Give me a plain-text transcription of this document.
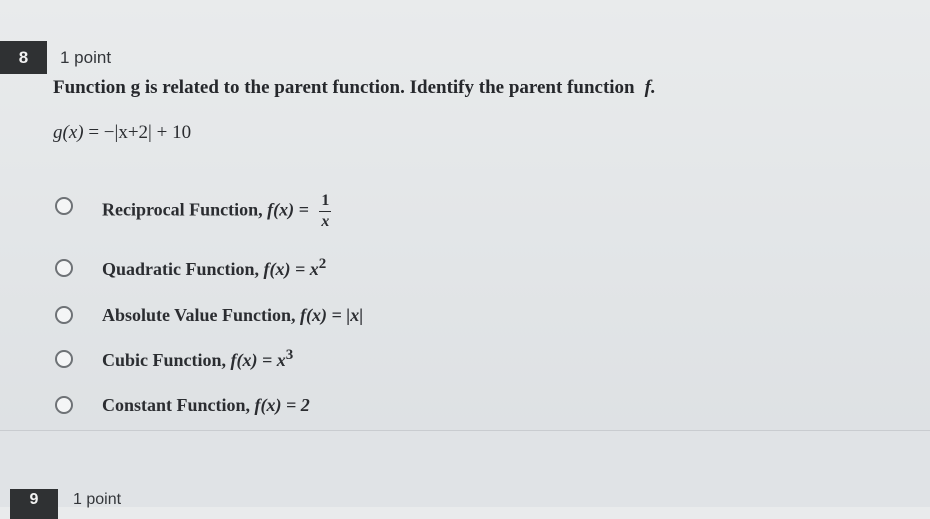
8 1 point
Function g is related to the parent function. Identify the parent function f.
g(x) = −|x+2| + 10
Reciprocal Function, $f(x) = \frac{1}{x}$
Quadratic Function, $f(x) = x^2$
Absolute Value Function, f(x) = |x|
Cubic Function, $f(x) = x^3$
Constant Function, f(x) = 2
9 1 point
